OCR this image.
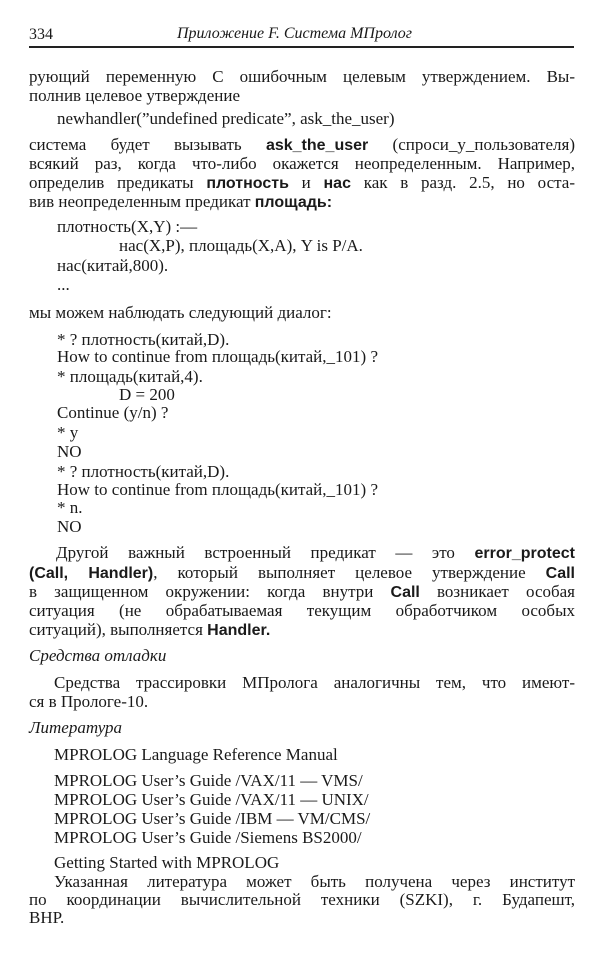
334	Приложение F. Система МПролог
рующий переменную С ошибочным целевым утверждением. Вы-
полнив целевое утверждение
newhandler(”undefined predicate”, ask_the_user)
система будет вызывать ask_the_user (спроси_у_пользователя)
всякий раз, когда что-либо окажется неопределенным. Например,
определив предикаты плотность и нас как в разд. 2.5, но оста-
вив неопределенным предикат площадь:
плотность(X,Y) :—
нас(X,P), площадь(X,A), Y is P/A.
нас(китай,800).
...
мы можем наблюдать следующий диалог:
* ? плотность(китай,D).
How to continue from площадь(китай,_101) ?
* площадь(китай,4).
D = 200
Continue (y/n) ?
* y
NO
* ? плотность(китай,D).
How to continue from площадь(китай,_101) ?
* n.
NO
Другой важный встроенный предикат — это error_protect
(Call, Handler), который выполняет целевое утверждение Call
в защищенном окружении: когда внутри Call возникает особая
ситуация (не обрабатываемая текущим обработчиком особых
ситуаций), выполняется Handler.
Средства отладки
Средства трассировки МПролога аналогичны тем, что имеют-
ся в Прологе-10.
Литература
MPROLOG Language Reference Manual
MPROLOG User’s Guide /VAX/11 — VMS/
MPROLOG User’s Guide /VAX/11 — UNIX/
MPROLOG User’s Guide /IBM — VM/CMS/
MPROLOG User’s Guide /Siemens BS2000/
Getting Started with MPROLOG
Указанная литература может быть получена через институт
по координации вычислительной техники (SZKI), г. Будапешт,
ВНР.
